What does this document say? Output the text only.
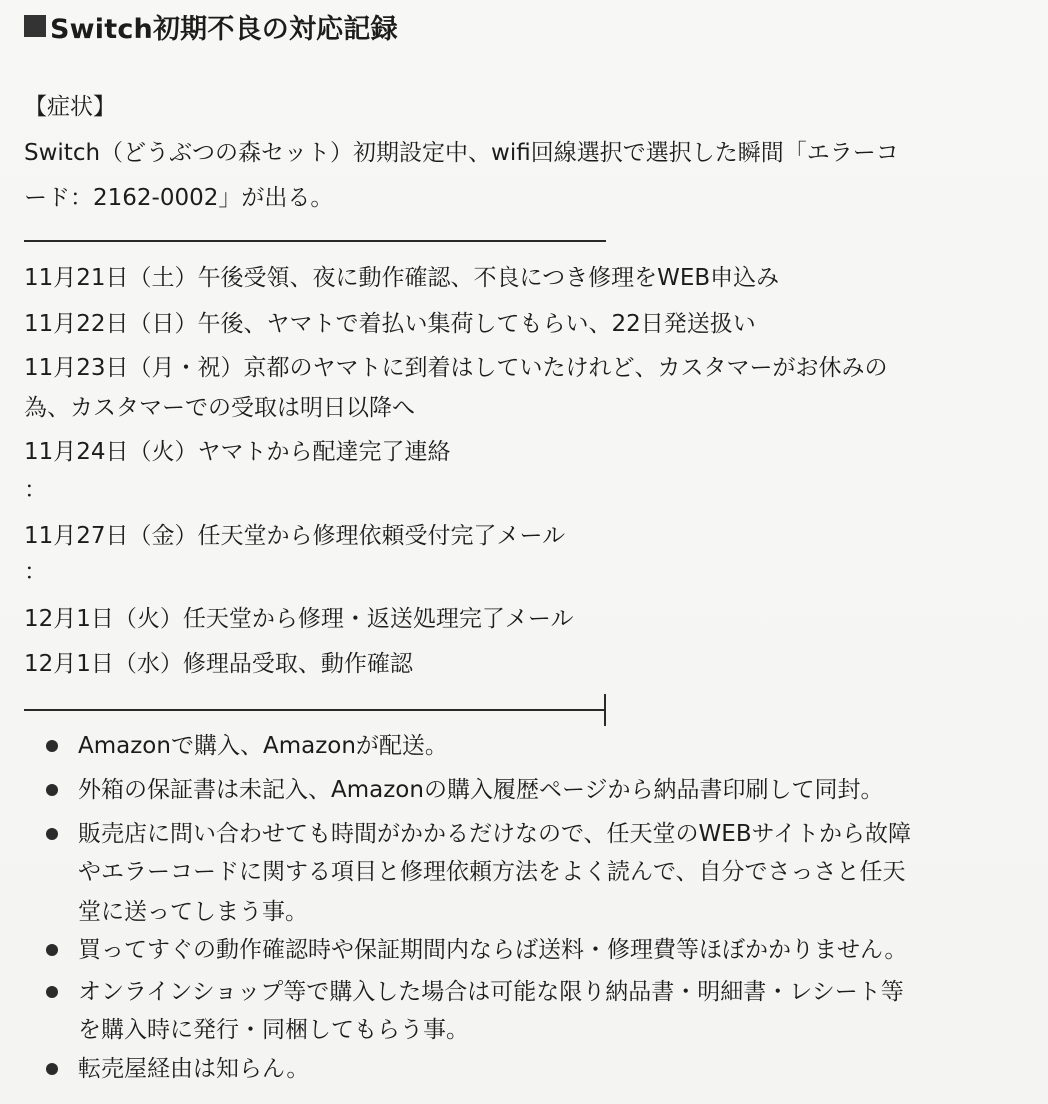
Switch初期不良の対応記録
【症状】
Switch（どうぶつの森セット）初期設定中、wifi回線選択で選択した瞬間「エラーコ
ード：2162-0002」が出る。
11月21日（土）午後受領、夜に動作確認、不良につき修理をWEB申込み
11月22日（日）午後、ヤマトで着払い集荷してもらい、22日発送扱い
11月23日（月・祝）京都のヤマトに到着はしていたけれど、カスタマーがお休みの
為、カスタマーでの受取は明日以降へ
11月24日（火）ヤマトから配達完了連絡
：
11月27日（金）任天堂から修理依頼受付完了メール
：
12月1日（火）任天堂から修理・返送処理完了メール
12月1日（水）修理品受取、動作確認
Amazonで購入、Amazonが配送。
外箱の保証書は未記入、Amazonの購入履歴ページから納品書印刷して同封。
販売店に問い合わせても時間がかかるだけなので、任天堂のWEBサイトから故障
やエラーコードに関する項目と修理依頼方法をよく読んで、自分でさっさと任天
堂に送ってしまう事。
買ってすぐの動作確認時や保証期間内ならば送料・修理費等ほぼかかりません。
オンラインショップ等で購入した場合は可能な限り納品書・明細書・レシート等
を購入時に発行・同梱してもらう事。
転売屋経由は知らん。
